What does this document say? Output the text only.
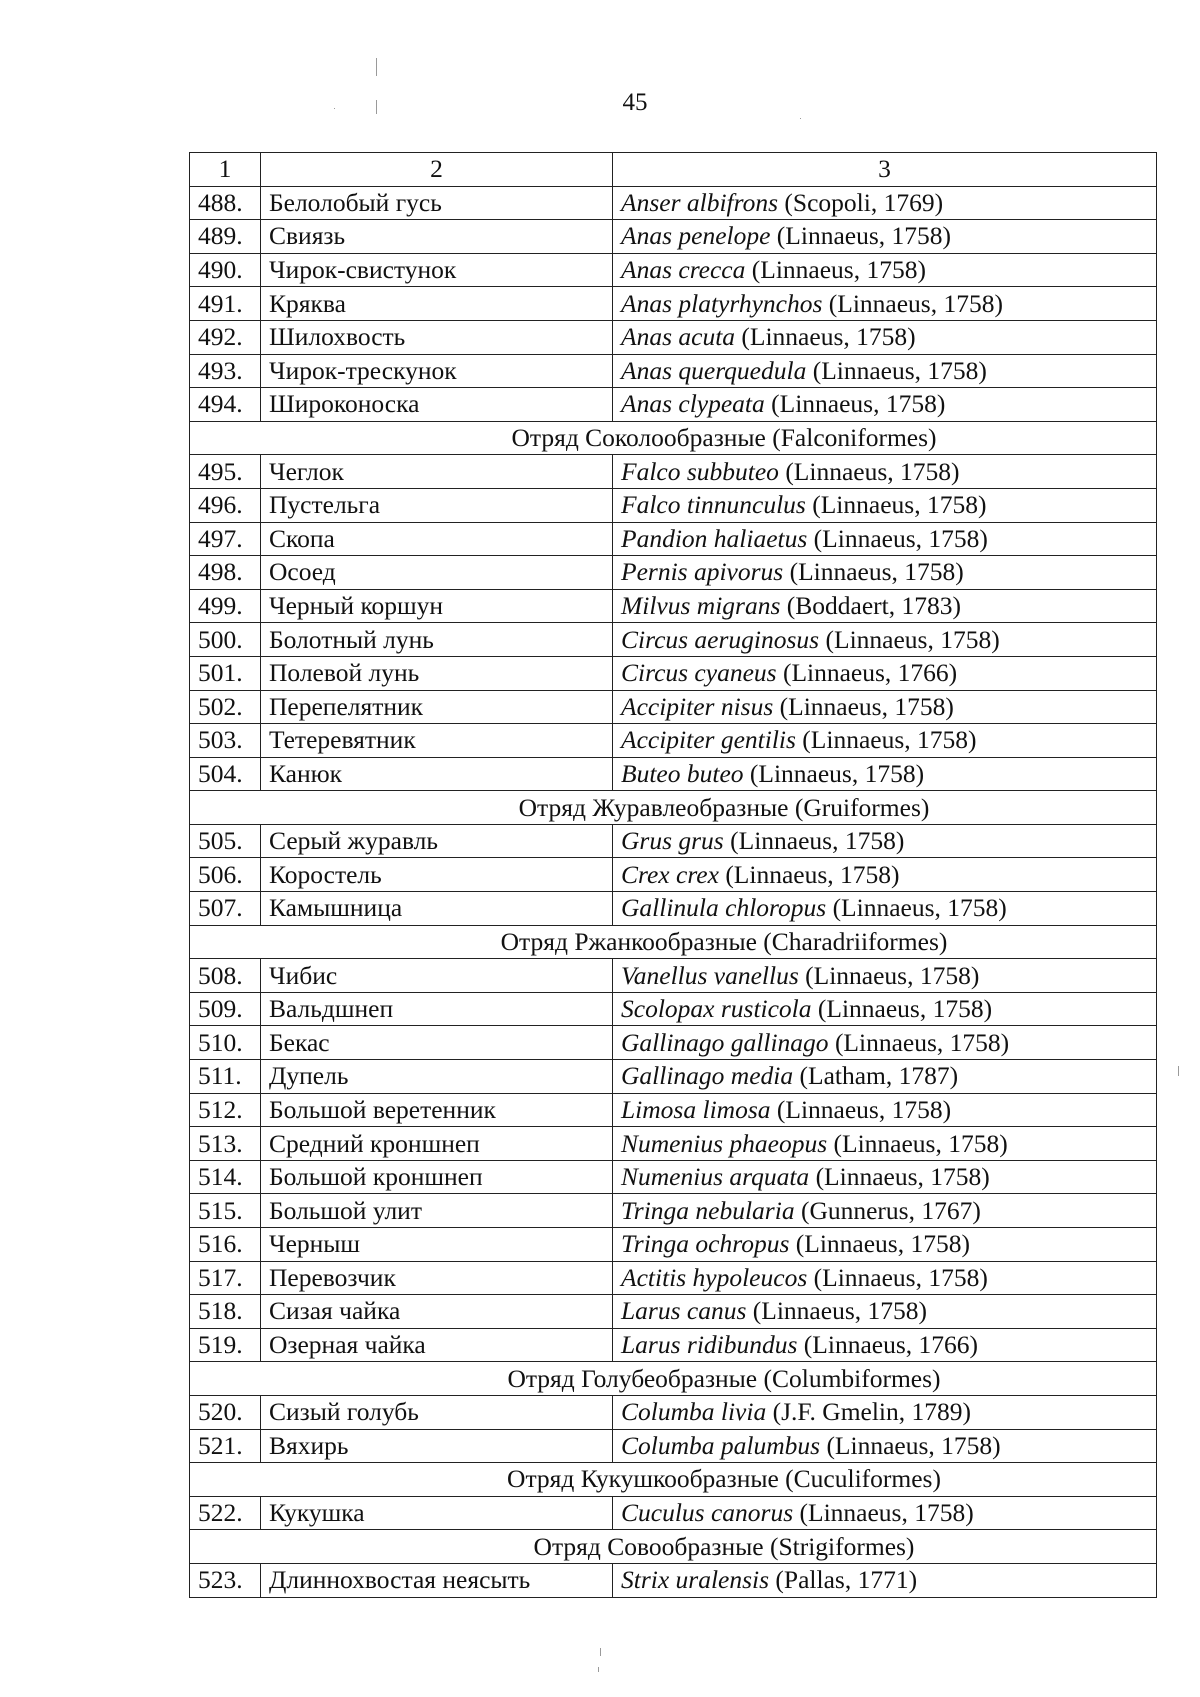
45
1	2	3
488.	Белолобый гусь	Anser albifrons (Scopoli, 1769)
489.	Свиязь	Anas penelope (Linnaeus, 1758)
490.	Чирок-свистунок	Anas crecca (Linnaeus, 1758)
491.	Кряква	Anas platyrhynchos (Linnaeus, 1758)
492.	Шилохвость	Anas acuta (Linnaeus, 1758)
493.	Чирок-трескунок	Anas querquedula (Linnaeus, 1758)
494.	Широконоска	Anas clypeata (Linnaeus, 1758)
Отряд Соколообразные (Falconiformes)		
495.	Чеглок	Falco subbuteo (Linnaeus, 1758)
496.	Пустельга	Falco tinnunculus (Linnaeus, 1758)
497.	Скопа	Pandion haliaetus (Linnaeus, 1758)
498.	Осоед	Pernis apivorus (Linnaeus, 1758)
499.	Черный коршун	Milvus migrans (Boddaert, 1783)
500.	Болотный лунь	Circus aeruginosus (Linnaeus, 1758)
501.	Полевой лунь	Circus cyaneus (Linnaeus, 1766)
502.	Перепелятник	Accipiter nisus (Linnaeus, 1758)
503.	Тетеревятник	Accipiter gentilis (Linnaeus, 1758)
504.	Канюк	Buteo buteo (Linnaeus, 1758)
Отряд Журавлеобразные (Gruiformes)		
505.	Серый журавль	Grus grus (Linnaeus, 1758)
506.	Коростель	Crex crex (Linnaeus, 1758)
507.	Камышница	Gallinula chloropus (Linnaeus, 1758)
Отряд Ржанкообразные (Charadriiformes)		
508.	Чибис	Vanellus vanellus (Linnaeus, 1758)
509.	Вальдшнеп	Scolopax rusticola (Linnaeus, 1758)
510.	Бекас	Gallinago gallinago (Linnaeus, 1758)
511.	Дупель	Gallinago media (Latham, 1787)
512.	Большой веретенник	Limosa limosa (Linnaeus, 1758)
513.	Средний кроншнеп	Numenius phaeopus (Linnaeus, 1758)
514.	Большой кроншнеп	Numenius arquata (Linnaeus, 1758)
515.	Большой улит	Tringa nebularia (Gunnerus, 1767)
516.	Черныш	Tringa ochropus (Linnaeus, 1758)
517.	Перевозчик	Actitis hypoleucos (Linnaeus, 1758)
518.	Сизая чайка	Larus canus (Linnaeus, 1758)
519.	Озерная чайка	Larus ridibundus (Linnaeus, 1766)
Отряд Голубеобразные (Columbiformes)		
520.	Сизый голубь	Columba livia (J.F. Gmelin, 1789)
521.	Вяхирь	Columba palumbus (Linnaeus, 1758)
Отряд Кукушкообразные (Cuculiformes)		
522.	Кукушка	Cuculus canorus (Linnaeus, 1758)
Отряд Совообразные (Strigiformes)		
523.	Длиннохвостая неясыть	Strix uralensis (Pallas, 1771)
